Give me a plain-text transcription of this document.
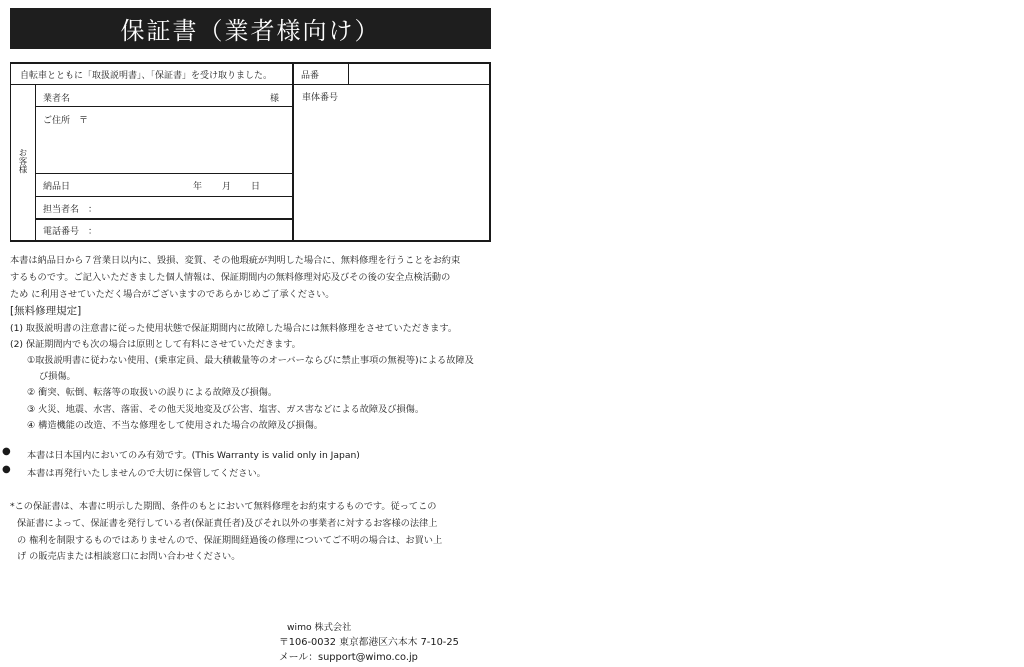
保証書（業者様向け）
自転車とともに「取扱説明書」、「保証書」を受け取りました。	品番
車体番号
お客様
業者名	様
ご住所　〒
納品日	年 月 日
担当者名　：
電話番号　：
本書は納品日から７営業日以内に、毀損、変質、その他瑕疵が判明した場合に、無料修理を行うことをお約束
するものです。ご記入いただきました個人情報は、保証期間内の無料修理対応及びその後の安全点検活動の
ため に利用させていただく場合がございますのであらかじめご了承ください。
[無料修理規定]
(1) 取扱説明書の注意書に従った使用状態で保証期間内に故障した場合には無料修理をさせていただきます。
(2) 保証期間内でも次の場合は原則として有料にさせていただきます。
①取扱説明書に従わない使用、(乗車定員、最大積載量等のオーバーならびに禁止事項の無視等)による故障及
び損傷。
② 衝突、転倒、転落等の取扱いの誤りによる故障及び損傷。
③ 火災、地震、水害、落雷、その他天災地変及び公害、塩害、ガス害などによる故障及び損傷。
④ 構造機能の改造、不当な修理をして使用された場合の故障及び損傷。
● 本書は日本国内においてのみ有効です。(This Warranty is valid only in Japan)
● 本書は再発行いたしませんので大切に保管してください。
*この保証書は、本書に明示した期間、条件のもとにおいて無料修理をお約束するものです。従ってこの
保証書によって、保証書を発行している者(保証責任者)及びそれ以外の事業者に対するお客様の法律上
の 権利を制限するものではありませんので、保証期間経過後の修理についてご不明の場合は、お買い上
げ の販売店または相談窓口にお問い合わせください。
wimo 株式会社
〒106-0032 東京都港区六本木 7-10-25
メール：support@wimo.co.jp
